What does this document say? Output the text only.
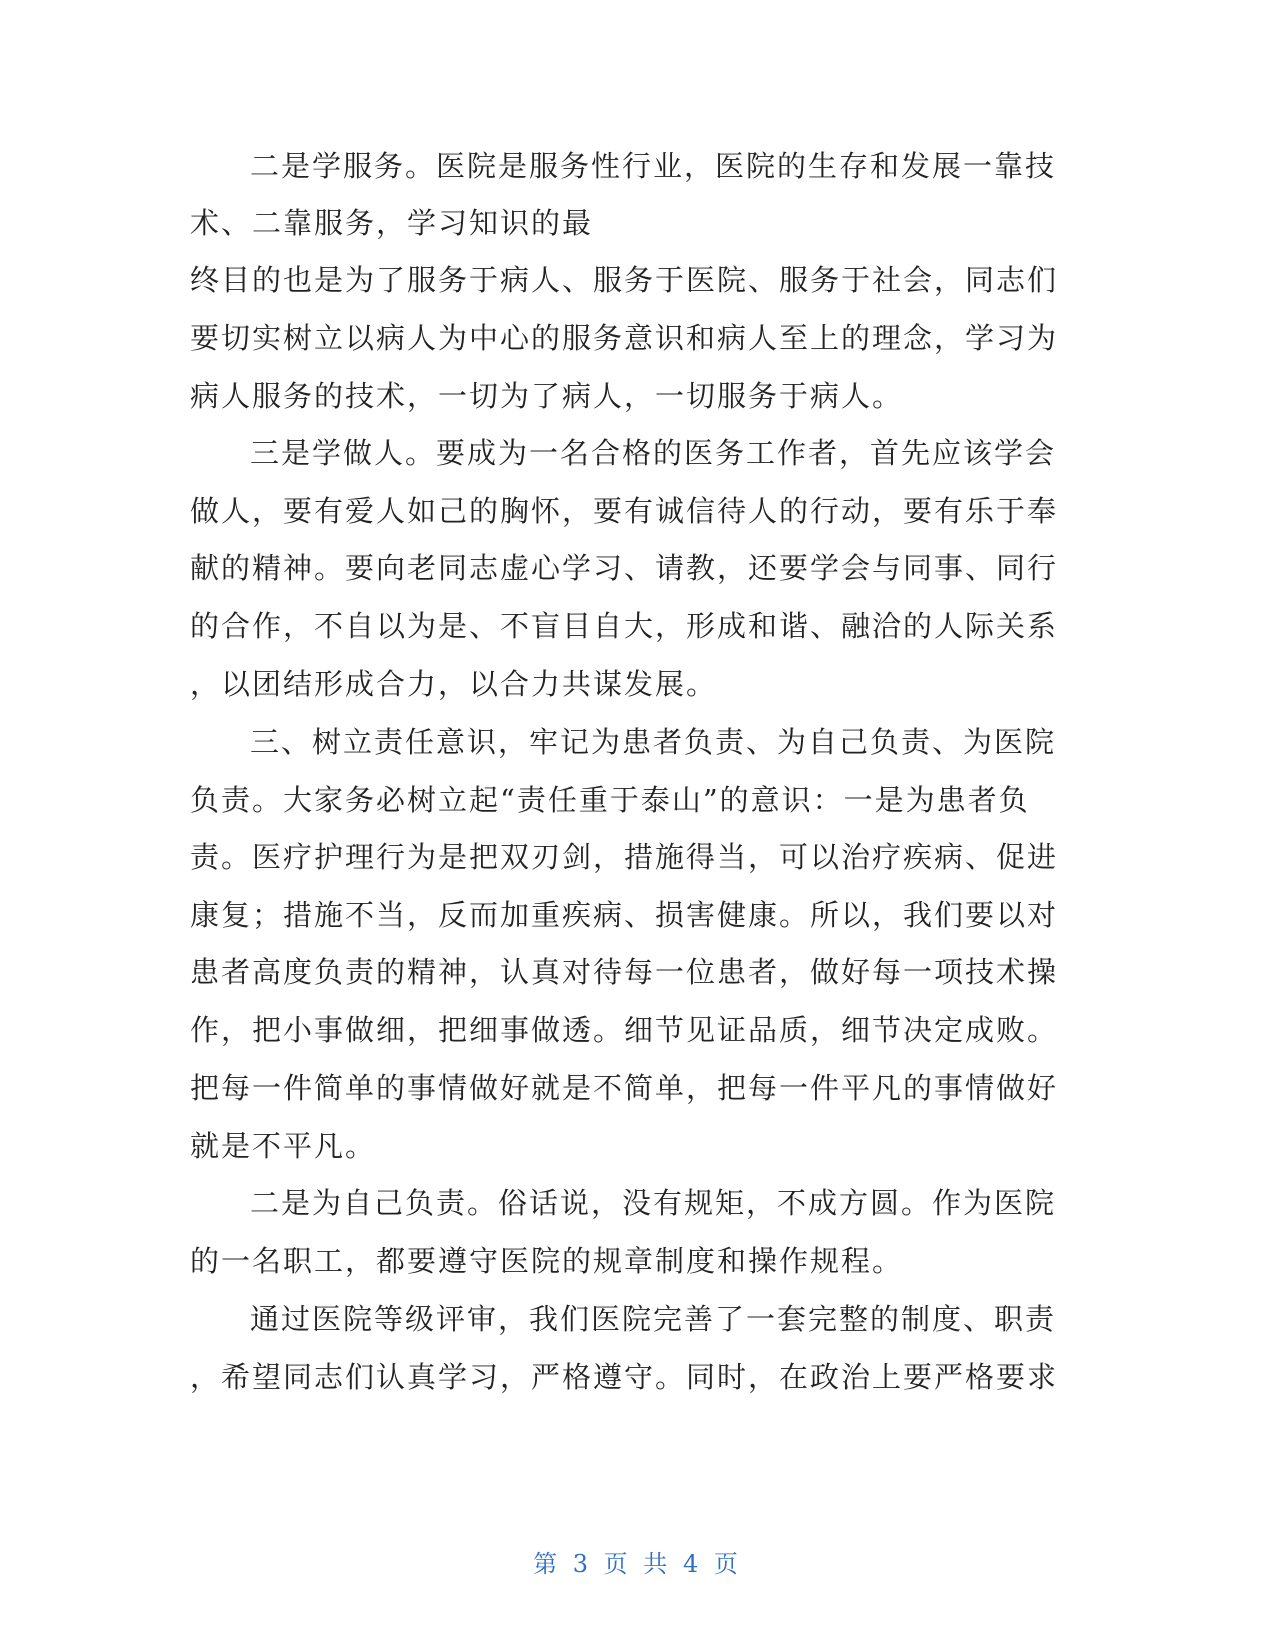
二是学服务。医院是服务性行业，医院的生存和发展一靠技
术、二靠服务，学习知识的最
终目的也是为了服务于病人、服务于医院、服务于社会，同志们
要切实树立以病人为中心的服务意识和病人至上的理念，学习为
病人服务的技术，一切为了病人，一切服务于病人。
三是学做人。要成为一名合格的医务工作者，首先应该学会
做人，要有爱人如己的胸怀，要有诚信待人的行动，要有乐于奉
献的精神。要向老同志虚心学习、请教，还要学会与同事、同行
的合作，不自以为是、不盲目自大，形成和谐、融洽的人际关系
，以团结形成合力，以合力共谋发展。
三、树立责任意识，牢记为患者负责、为自己负责、为医院
负责。大家务必树立起“责任重于泰山”的意识：一是为患者负
责。医疗护理行为是把双刃剑，措施得当，可以治疗疾病、促进
康复；措施不当，反而加重疾病、损害健康。所以，我们要以对
患者高度负责的精神，认真对待每一位患者，做好每一项技术操
作，把小事做细，把细事做透。细节见证品质，细节决定成败。
把每一件简单的事情做好就是不简单，把每一件平凡的事情做好
就是不平凡。
二是为自己负责。俗话说，没有规矩，不成方圆。作为医院
的一名职工，都要遵守医院的规章制度和操作规程。
通过医院等级评审，我们医院完善了一套完整的制度、职责
，希望同志们认真学习，严格遵守。同时，在政治上要严格要求
第 3 页 共 4 页
